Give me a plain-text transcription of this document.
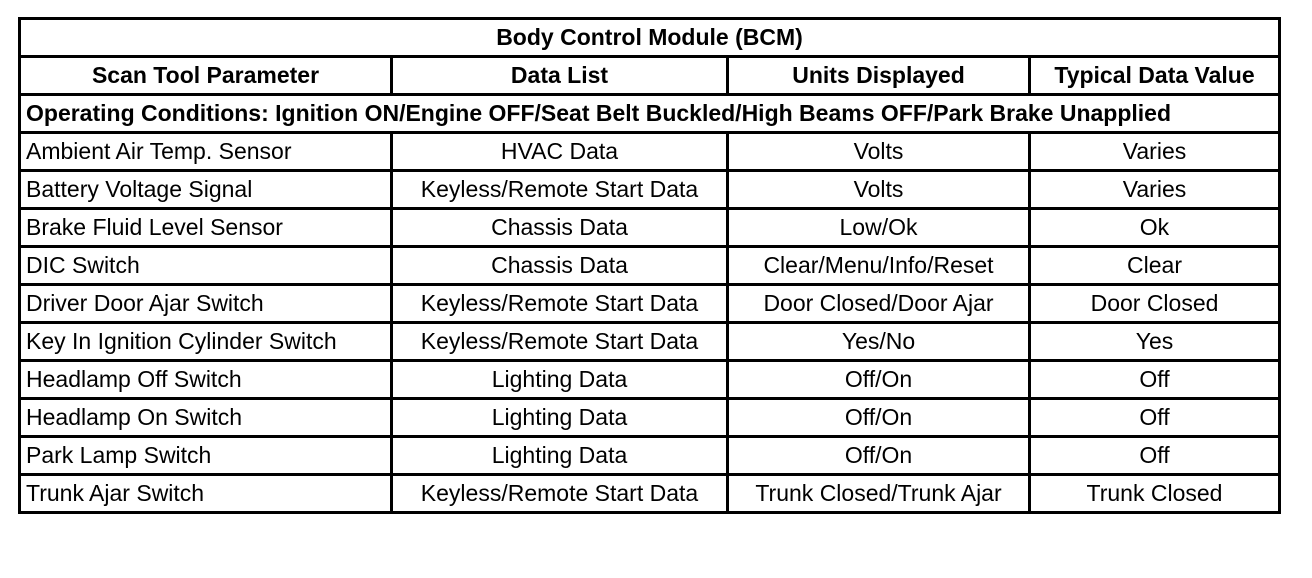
Body Control Module (BCM)			
Scan Tool Parameter	Data List	Units Displayed	Typical Data Value
Operating Conditions: Ignition ON/Engine OFF/Seat Belt Buckled/High Beams OFF/Park Brake Unapplied			
Ambient Air Temp. Sensor	HVAC Data	Volts	Varies
Battery Voltage Signal	Keyless/Remote Start Data	Volts	Varies
Brake Fluid Level Sensor	Chassis Data	Low/Ok	Ok
DIC Switch	Chassis Data	Clear/Menu/Info/Reset	Clear
Driver Door Ajar Switch	Keyless/Remote Start Data	Door Closed/Door Ajar	Door Closed
Key In Ignition Cylinder Switch	Keyless/Remote Start Data	Yes/No	Yes
Headlamp Off Switch	Lighting Data	Off/On	Off
Headlamp On Switch	Lighting Data	Off/On	Off
Park Lamp Switch	Lighting Data	Off/On	Off
Trunk Ajar Switch	Keyless/Remote Start Data	Trunk Closed/Trunk Ajar	Trunk Closed
